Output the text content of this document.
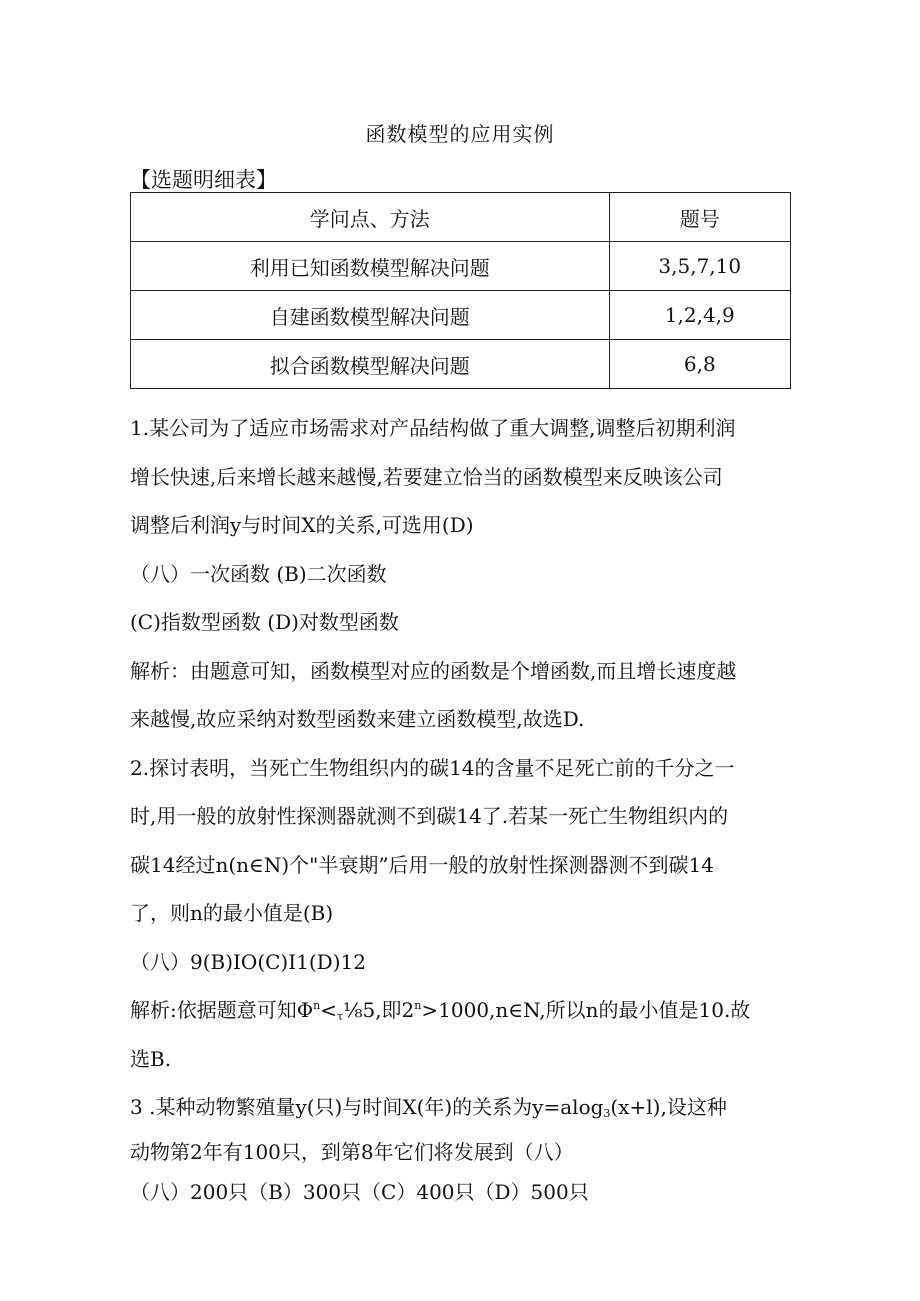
函数模型的应用实例
【选题明细表】
学问点、方法	题号
利用已知函数模型解决问题	3,5,7,10
自建函数模型解决问题	1,2,4,9
拟合函数模型解决问题	6,8
1.某公司为了适应市场需求对产品结构做了重大调整,调整后初期利润
增长快速,后来增长越来越慢,若要建立恰当的函数模型来反映该公司
调整后利润y与时间X的关系,可选用(D)
（八）一次函数 (B)二次函数
(C)指数型函数 (D)对数型函数
解析：由题意可知，函数模型对应的函数是个增函数,而且增长速度越
来越慢,故应采纳对数型函数来建立函数模型,故选D.
2.探讨表明，当死亡生物组织内的碳14的含量不足死亡前的千分之一
时,用一般的放射性探测器就测不到碳14了.若某一死亡生物组织内的
碳14经过n(n∈N)个"半衰期”后用一般的放射性探测器测不到碳14
了，则n的最小值是(B)
（八）9(B)IO(C)I1(D)12
解析:依据题意可知$\Phi^n<_\tau\frac{1}{8}5$,即$2^n>1000,n\in N$,所以n的最小值是10.故
选B.
3 .某种动物繁殖量y(只)与时间X(年)的关系为y=alog$_3$(x+l),设这种
动物第2年有100只，到第8年它们将发展到（八）
（八）200只（B）300只（C）400只（D）500只
